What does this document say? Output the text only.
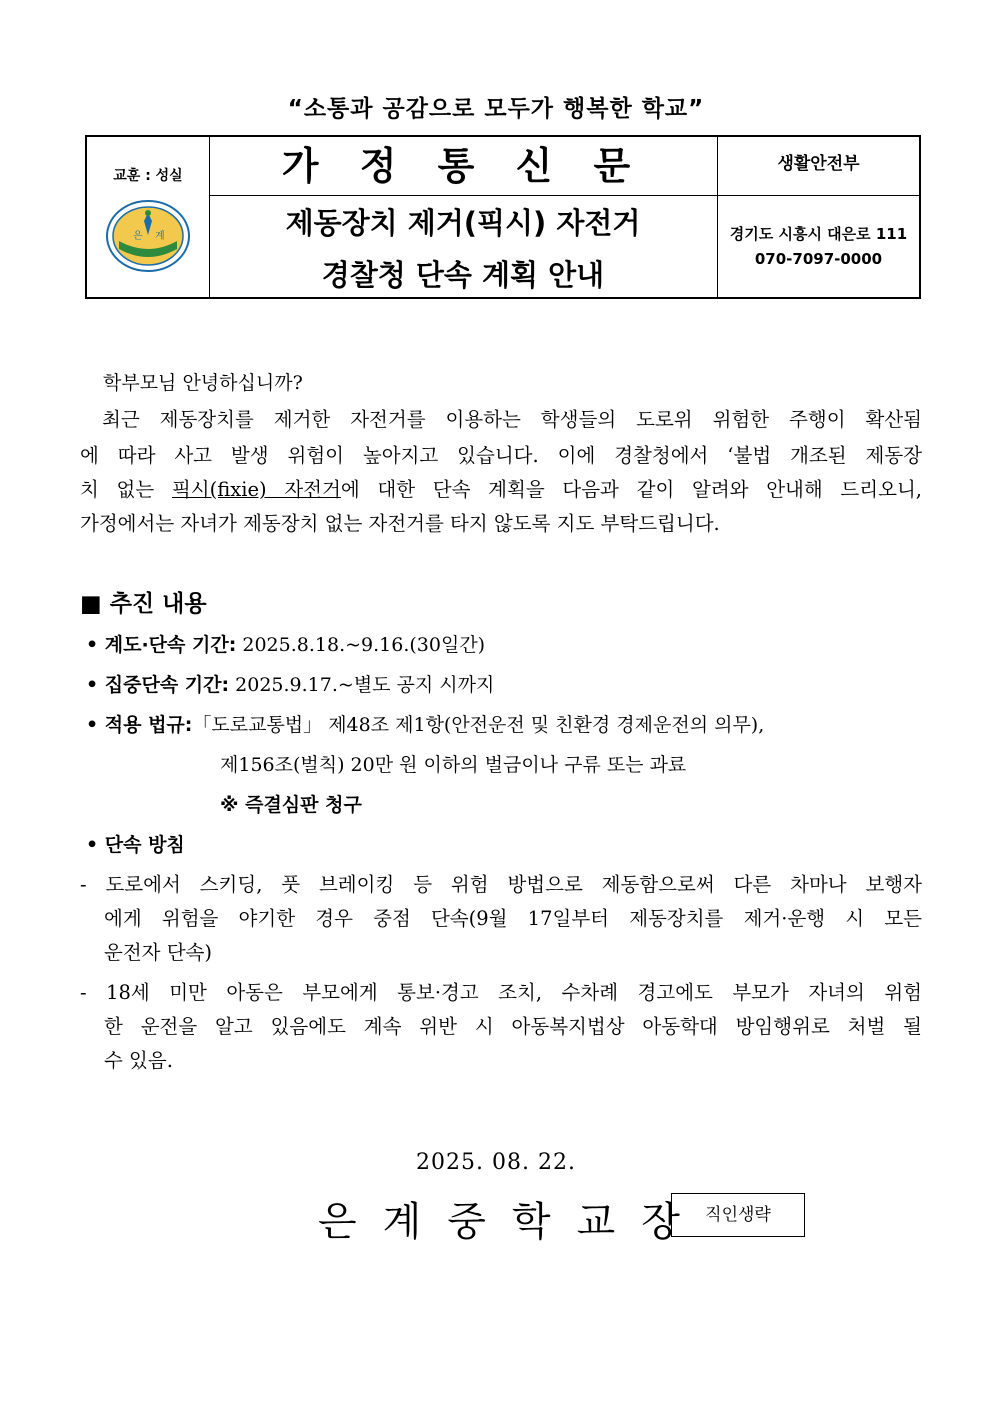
“소통과 공감으로 모두가 행복한 학교”
교훈 : 성실
은 계
가 정 통 신 문
제동장치 제거(픽시) 자전거
경찰청 단속 계획 안내
생활안전부
경기도 시흥시 대은로 111
070-7097-0000
학부모님 안녕하십니까?
최근 제동장치를 제거한 자전거를 이용하는 학생들의 도로위 위험한 주행이 확산됨
에 따라 사고 발생 위험이 높아지고 있습니다. 이에 경찰청에서 ‘불법 개조된 제동장
치 없는 픽시(fixie) 자전거에 대한 단속 계획을 다음과 같이 알려와 안내해 드리오니,
가정에서는 자녀가 제동장치 없는 자전거를 타지 않도록 지도 부탁드립니다.
■ 추진 내용
• 계도·단속 기간: 2025.8.18.~9.16.(30일간)
• 집중단속 기간: 2025.9.17.~별도 공지 시까지
• 적용 법규:「도로교통법」 제48조 제1항(안전운전 및 친환경 경제운전의 의무),
제156조(벌칙) 20만 원 이하의 벌금이나 구류 또는 과료
※ 즉결심판 청구
• 단속 방침
- 도로에서 스키딩, 풋 브레이킹 등 위험 방법으로 제동함으로써 다른 차마나 보행자
에게 위험을 야기한 경우 중점 단속(9월 17일부터 제동장치를 제거·운행 시 모든
운전자 단속)
- 18세 미만 아동은 부모에게 통보·경고 조치, 수차례 경고에도 부모가 자녀의 위험
한 운전을 알고 있음에도 계속 위반 시 아동복지법상 아동학대 방임행위로 처벌 될
수 있음.
2025. 08. 22.
은계중학교장 직인생략
